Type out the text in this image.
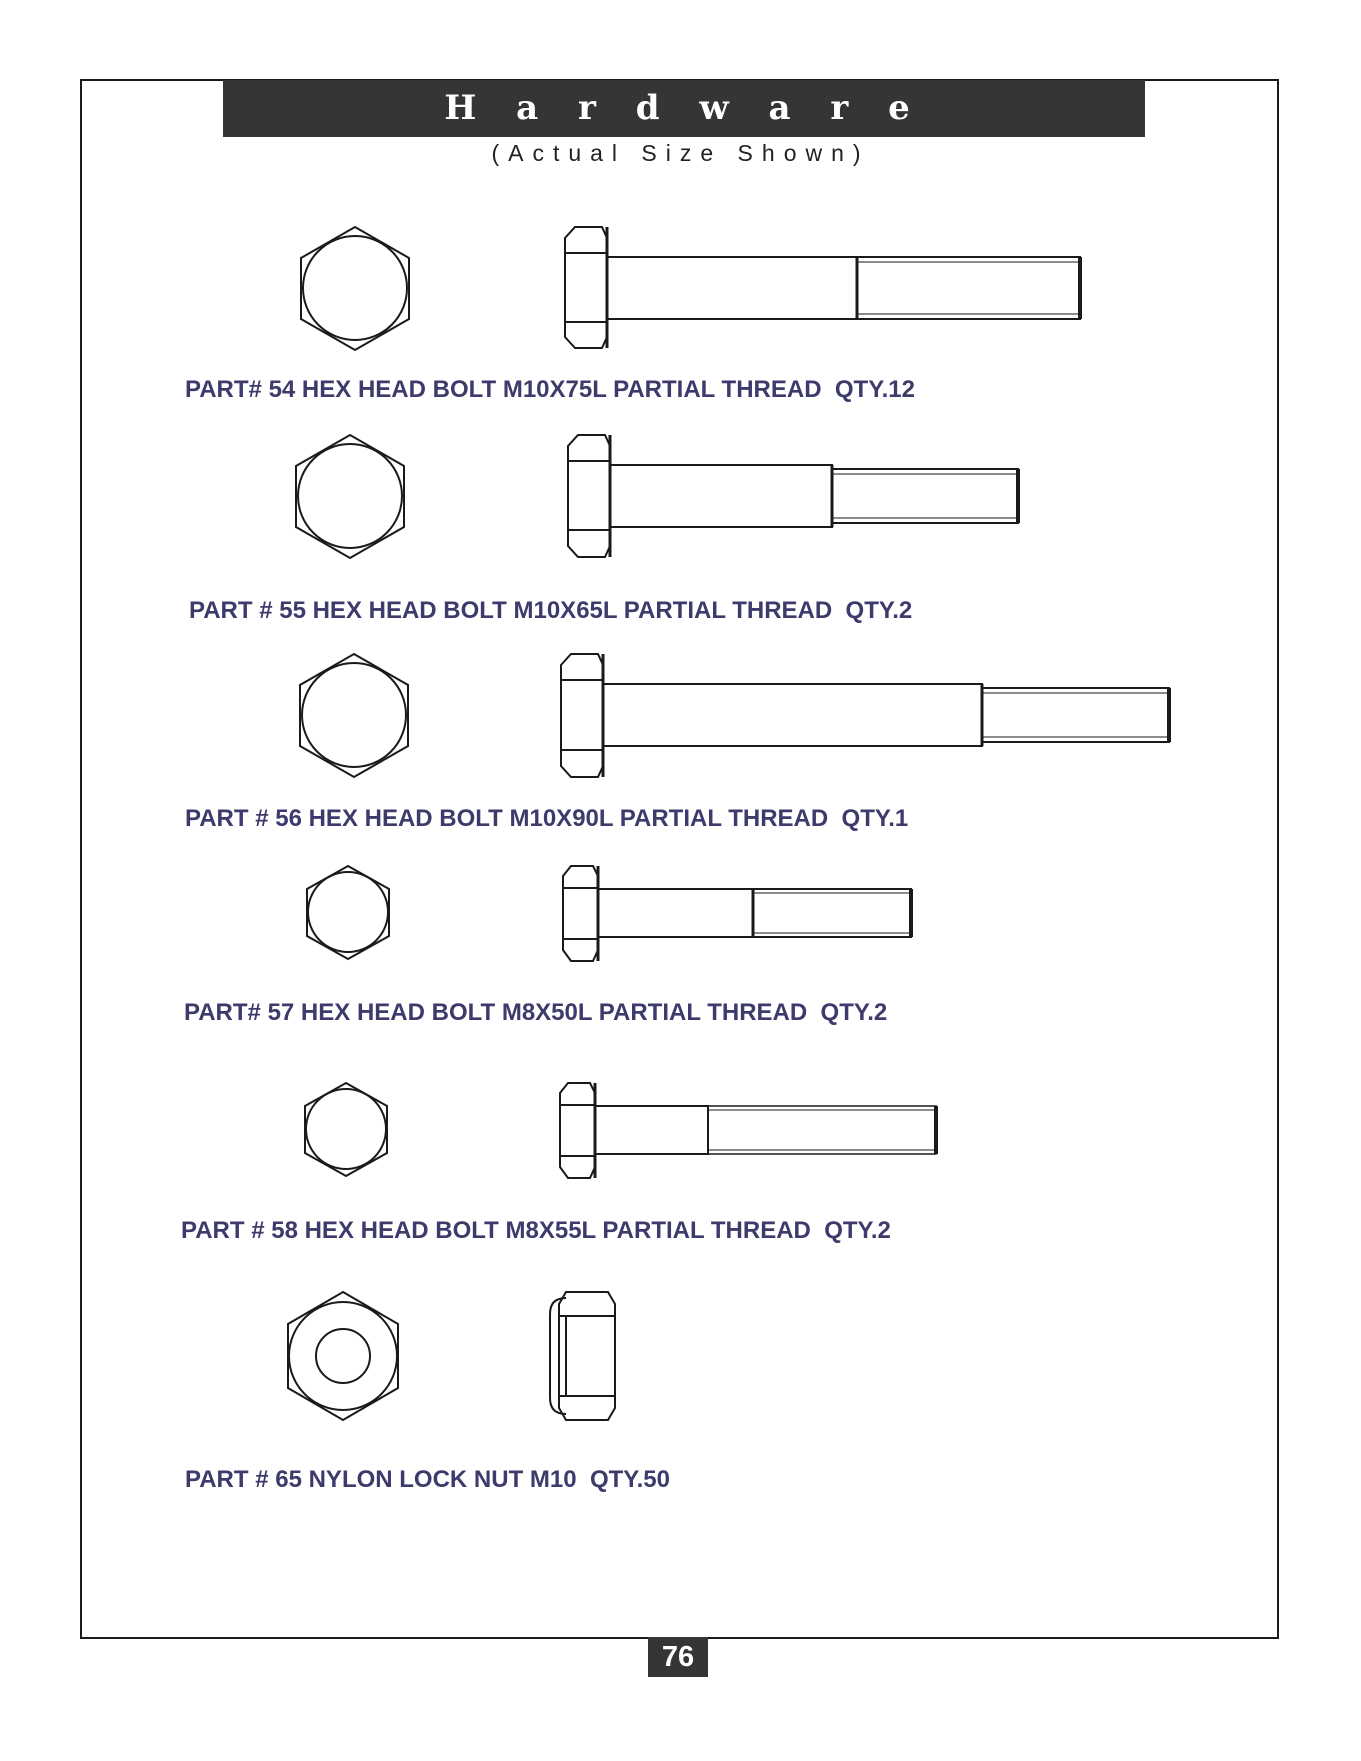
H a r d w a r e
(Actual Size Shown)
PART# 54 HEX HEAD BOLT M10X75L PARTIAL THREAD  QTY.12
PART # 55 HEX HEAD BOLT M10X65L PARTIAL THREAD  QTY.2
PART # 56 HEX HEAD BOLT M10X90L PARTIAL THREAD  QTY.1
PART# 57 HEX HEAD BOLT M8X50L PARTIAL THREAD  QTY.2
PART # 58 HEX HEAD BOLT M8X55L PARTIAL THREAD  QTY.2
PART # 65 NYLON LOCK NUT M10  QTY.50
76
